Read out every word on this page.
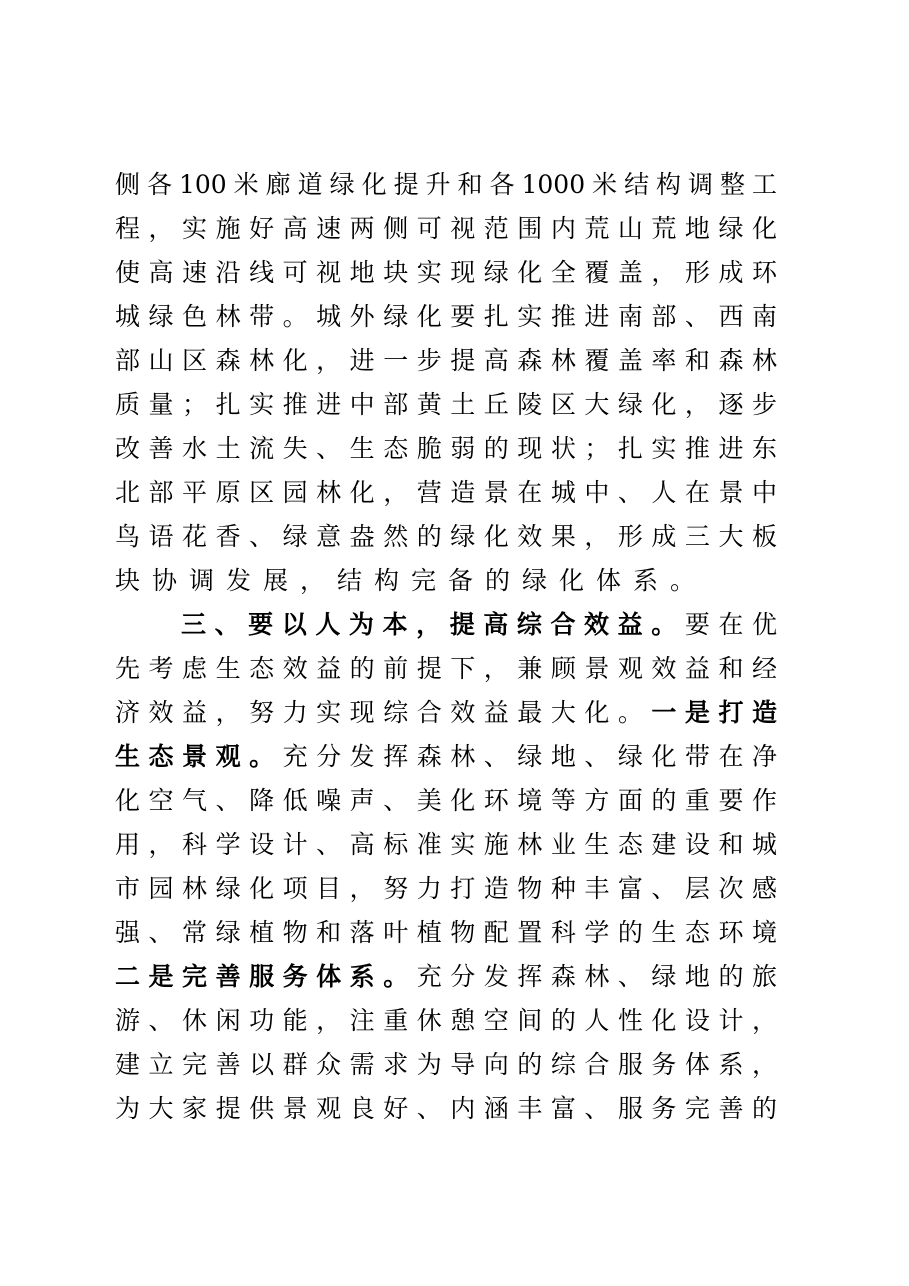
侧各100米廊道绿化提升和各1000米结构调整工
程，实施好高速两侧可视范围内荒山荒地绿化
使高速沿线可视地块实现绿化全覆盖，形成环
城绿色林带。城外绿化要扎实推进南部、西南
部山区森林化，进一步提高森林覆盖率和森林
质量；扎实推进中部黄土丘陵区大绿化，逐步
改善水土流失、生态脆弱的现状；扎实推进东
北部平原区园林化，营造景在城中、人在景中
鸟语花香、绿意盎然的绿化效果，形成三大板
块协调发展，结构完备的绿化体系。
三、要以人为本，提高综合效益。要在优
先考虑生态效益的前提下，兼顾景观效益和经
济效益，努力实现综合效益最大化。一是打造
生态景观。充分发挥森林、绿地、绿化带在净
化空气、降低噪声、美化环境等方面的重要作
用，科学设计、高标准实施林业生态建设和城
市园林绿化项目，努力打造物种丰富、层次感
强、常绿植物和落叶植物配置科学的生态环境
二是完善服务体系。充分发挥森林、绿地的旅
游、休闲功能，注重休憩空间的人性化设计，
建立完善以群众需求为导向的综合服务体系，
为大家提供景观良好、内涵丰富、服务完善的
